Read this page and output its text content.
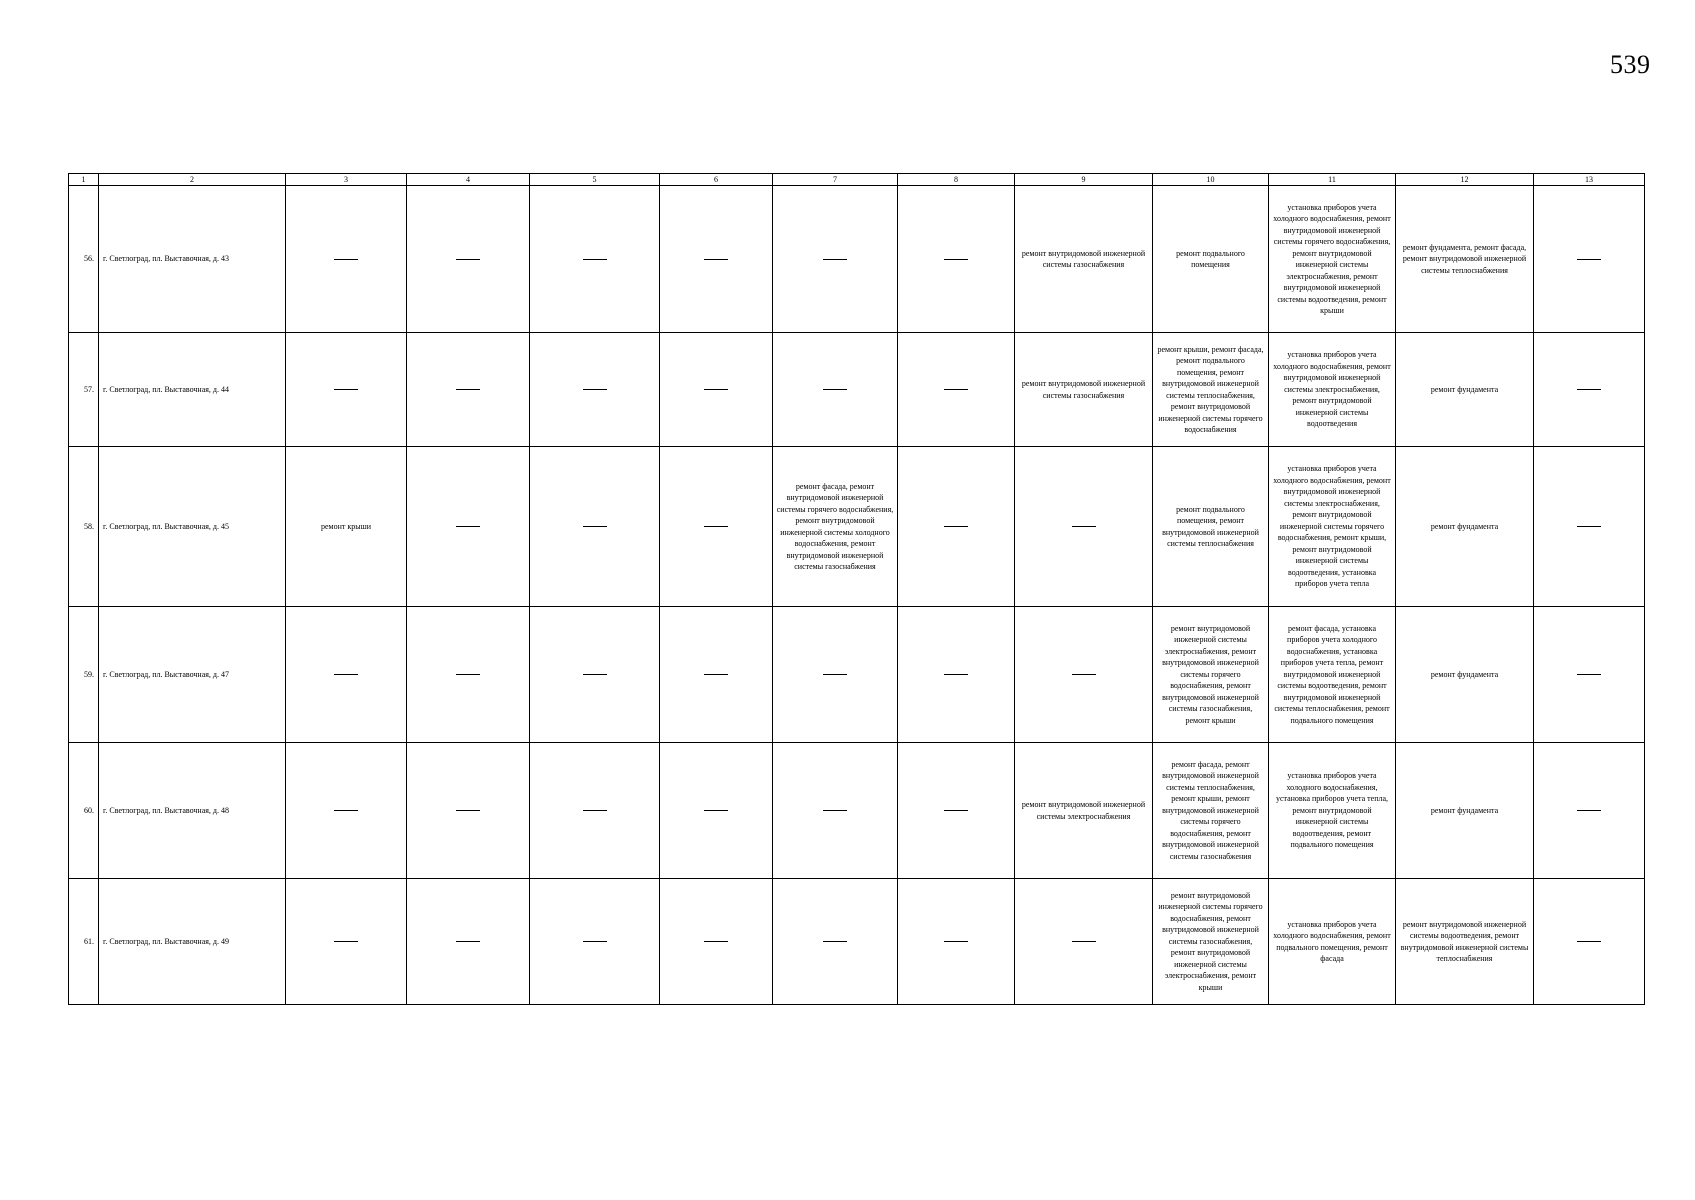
539
1	2	3	4	5	6	7	8	9	10	11	12	13
56.	г. Светлоград, пл. Выставочная, д. 43							ремонт внутридомовой инженерной системы газоснабжения	ремонт подвального помещения	установка приборов учета холодного водоснабжения, ремонт внутридомовой инженерной системы горячего водоснабжения, ремонт внутридомовой инженерной системы электроснабжения, ремонт внутридомовой инженерной системы водоотведения, ремонт крыши	ремонт фундамента, ремонт фасада, ремонт внутридомовой инженерной системы теплоснабжения	
57.	г. Светлоград, пл. Выставочная, д. 44							ремонт внутридомовой инженерной системы газоснабжения	ремонт крыши, ремонт фасада, ремонт подвального помещения, ремонт внутридомовой инженерной системы теплоснабжения, ремонт внутридомовой инженерной системы горячего водоснабжения	установка приборов учета холодного водоснабжения, ремонт внутридомовой инженерной системы электроснабжения, ремонт внутридомовой инженерной системы водоотведения	ремонт фундамента	
58.	г. Светлоград, пл. Выставочная, д. 45	ремонт крыши				ремонт фасада, ремонт внутридомовой инженерной системы горячего водоснабжения, ремонт внутридомовой инженерной системы холодного водоснабжения, ремонт внутридомовой инженерной системы газоснабжения			ремонт подвального помещения, ремонт внутридомовой инженерной системы теплоснабжения	установка приборов учета холодного водоснабжения, ремонт внутридомовой инженерной системы электроснабжения, ремонт внутридомовой инженерной системы горячего водоснабжения, ремонт крыши, ремонт внутридомовой инженерной системы водоотведения, установка приборов учета тепла	ремонт фундамента	
59.	г. Светлоград, пл. Выставочная, д. 47								ремонт внутридомовой инженерной системы электроснабжения, ремонт внутридомовой инженерной системы горячего водоснабжения, ремонт внутридомовой инженерной системы газоснабжения, ремонт крыши	ремонт фасада, установка приборов учета холодного водоснабжения, установка приборов учета тепла, ремонт внутридомовой инженерной системы водоотведения, ремонт внутридомовой инженерной системы теплоснабжения, ремонт подвального помещения	ремонт фундамента	
60.	г. Светлоград, пл. Выставочная, д. 48							ремонт внутридомовой инженерной системы электроснабжения	ремонт фасада, ремонт внутридомовой инженерной системы теплоснабжения, ремонт крыши, ремонт внутридомовой инженерной системы горячего водоснабжения, ремонт внутридомовой инженерной системы газоснабжения	установка приборов учета холодного водоснабжения, установка приборов учета тепла, ремонт внутридомовой инженерной системы водоотведения, ремонт подвального помещения	ремонт фундамента	
61.	г. Светлоград, пл. Выставочная, д. 49								ремонт внутридомовой инженерной системы горячего водоснабжения, ремонт внутридомовой инженерной системы газоснабжения, ремонт внутридомовой инженерной системы электроснабжения, ремонт крыши	установка приборов учета холодного водоснабжения, ремонт подвального помещения, ремонт фасада	ремонт внутридомовой инженерной системы водоотведения, ремонт внутридомовой инженерной системы теплоснабжения	
